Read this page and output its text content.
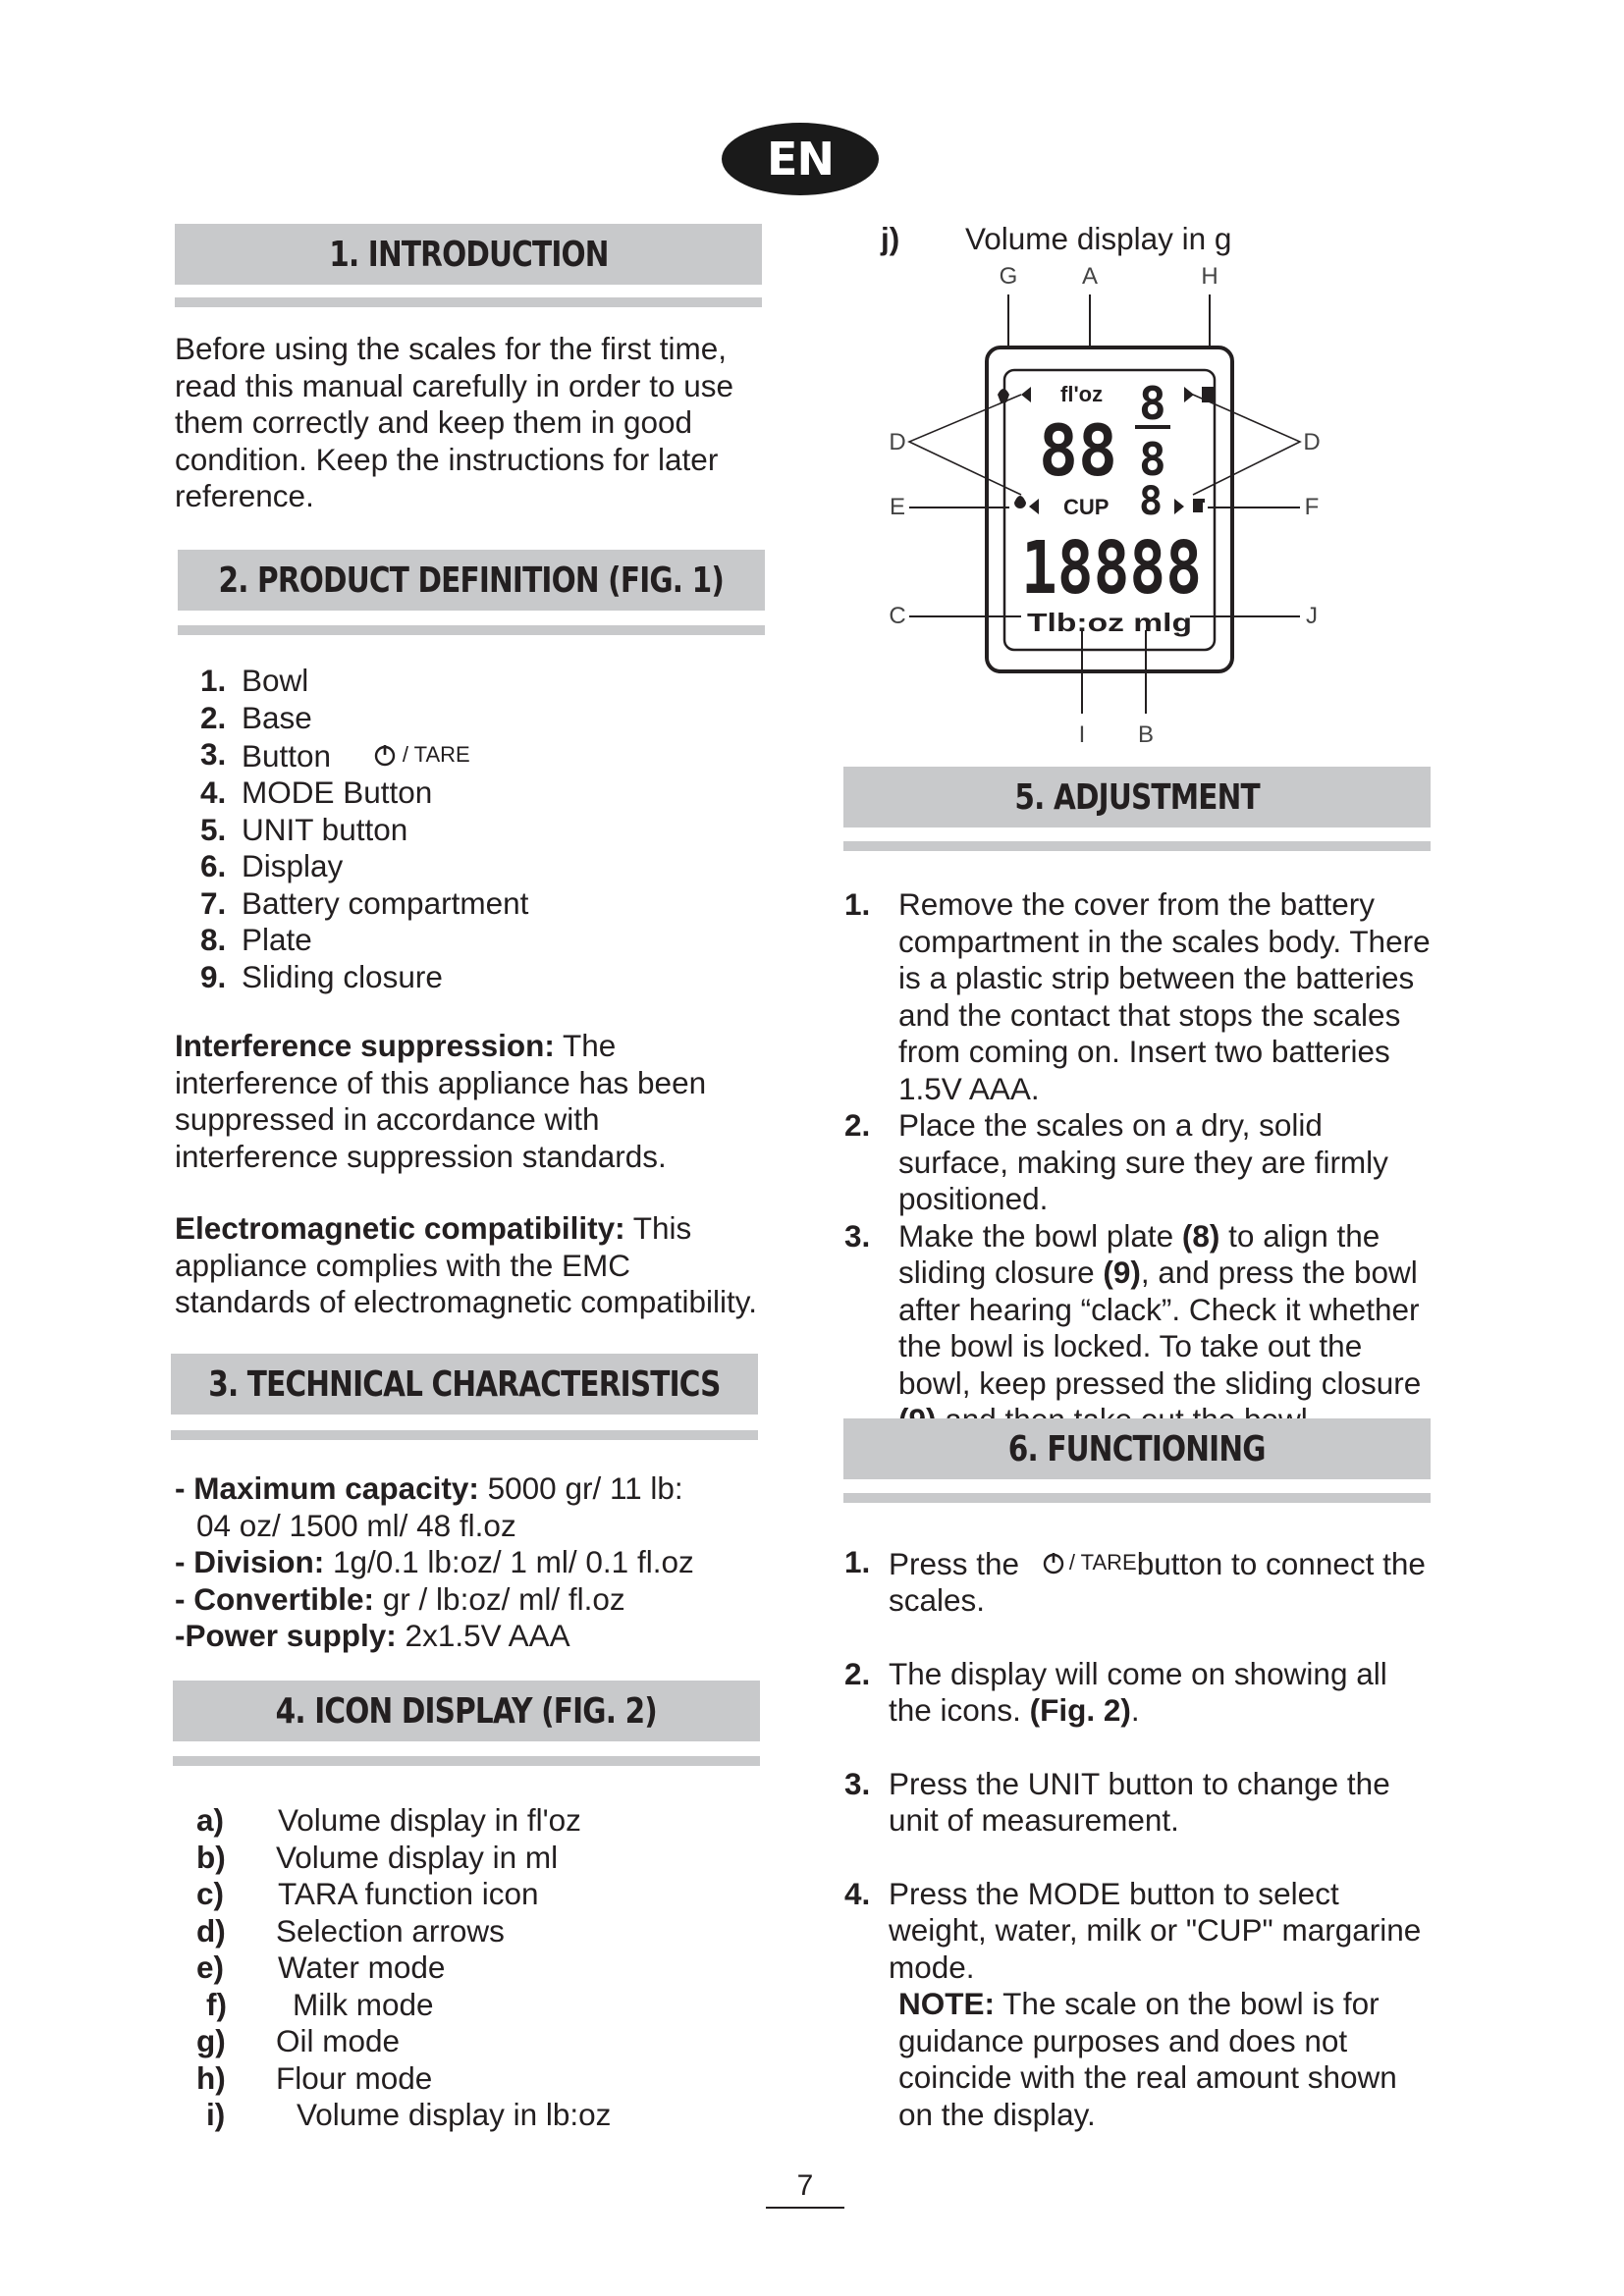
EN
1. INTRODUCTION

Before using the scales for the first time, read this manual carefully in order to use them correctly and keep them in good condition. Keep the instructions for later reference.

2. PRODUCT DEFINITION (FIG. 1)
1. Bowl
2. Base
3. Button	/ TARE
4. MODE Button
5. UNIT button
6. Display
7. Battery compartment
8. Plate
9. Sliding closure
Interference suppression: The interference of this appliance has been suppressed in accordance with interference suppression standards.
Electromagnetic compatibility: This appliance complies with the EMC standards of electromagnetic compatibility.
3. TECHNICAL CHARACTERISTICS
- Maximum capacity: 5000 gr/ 11 lb:
04 oz/ 1500 ml/ 48 fl.oz
- Division: 1g/0.1 lb:oz/ 1 ml/ 0.1 fl.oz
- Convertible: gr / lb:oz/ ml/ fl.oz
-Power supply: 2x1.5V AAA
4. ICON DISPLAY (FIG. 2)
a) Volume display in fl'oz
b) Volume display in ml
c) TARA function icon
d) Selection arrows
e) Water mode
f) Milk mode
g) Oil mode
h) Flour mode
i) Volume display in lb:oz
j) Volume display in g
G	A	H
D	D
E	F
C	J
I B
fl'oz
88
8
8
CUP 8
18888
Tlb:oz mlg
5. ADJUSTMENT
1. Remove the cover from the battery compartment in the scales body. There is a plastic strip between the batteries and the contact that stops the scales from coming on. Insert two batteries 1.5V AAA.
2. Place the scales on a dry, solid surface, making sure they are firmly positioned.
3. Make the bowl plate (8) to align the sliding closure (9), and press the bowl after hearing “clack”. Check it whether the bowl is locked. To take out the bowl, keep pressed the sliding closure
6. FUNCTIONING
1. Press the / TARE button to connect the scales.
2. The display will come on showing all the icons. (Fig. 2).
3. Press the UNIT button to change the unit of measurement.
4. Press the MODE button to select weight, water, milk or "CUP" margarine mode.
NOTE: The scale on the bowl is for guidance purposes and does not coincide with the real amount shown on the display.
7
